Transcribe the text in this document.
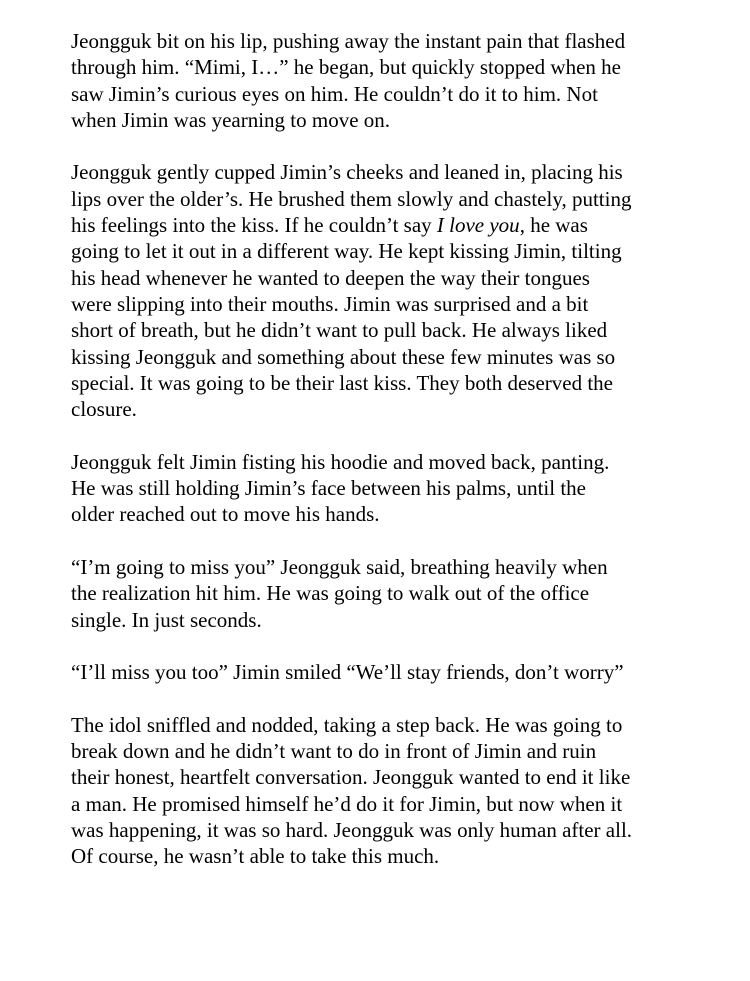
Jeongguk bit on his lip, pushing away the instant pain that flashed
through him. “Mimi, I…” he began, but quickly stopped when he
saw Jimin’s curious eyes on him. He couldn’t do it to him. Not
when Jimin was yearning to move on.

Jeongguk gently cupped Jimin’s cheeks and leaned in, placing his
lips over the older’s. He brushed them slowly and chastely, putting
his feelings into the kiss. If he couldn’t say I love you, he was
going to let it out in a different way. He kept kissing Jimin, tilting
his head whenever he wanted to deepen the way their tongues
were slipping into their mouths. Jimin was surprised and a bit
short of breath, but he didn’t want to pull back. He always liked
kissing Jeongguk and something about these few minutes was so
special. It was going to be their last kiss. They both deserved the
closure.

Jeongguk felt Jimin fisting his hoodie and moved back, panting.
He was still holding Jimin’s face between his palms, until the
older reached out to move his hands.

“I’m going to miss you” Jeongguk said, breathing heavily when
the realization hit him. He was going to walk out of the office
single. In just seconds.

“I’ll miss you too” Jimin smiled “We’ll stay friends, don’t worry”

The idol sniffled and nodded, taking a step back. He was going to
break down and he didn’t want to do in front of Jimin and ruin
their honest, heartfelt conversation. Jeongguk wanted to end it like
a man. He promised himself he’d do it for Jimin, but now when it
was happening, it was so hard. Jeongguk was only human after all.
Of course, he wasn’t able to take this much.
